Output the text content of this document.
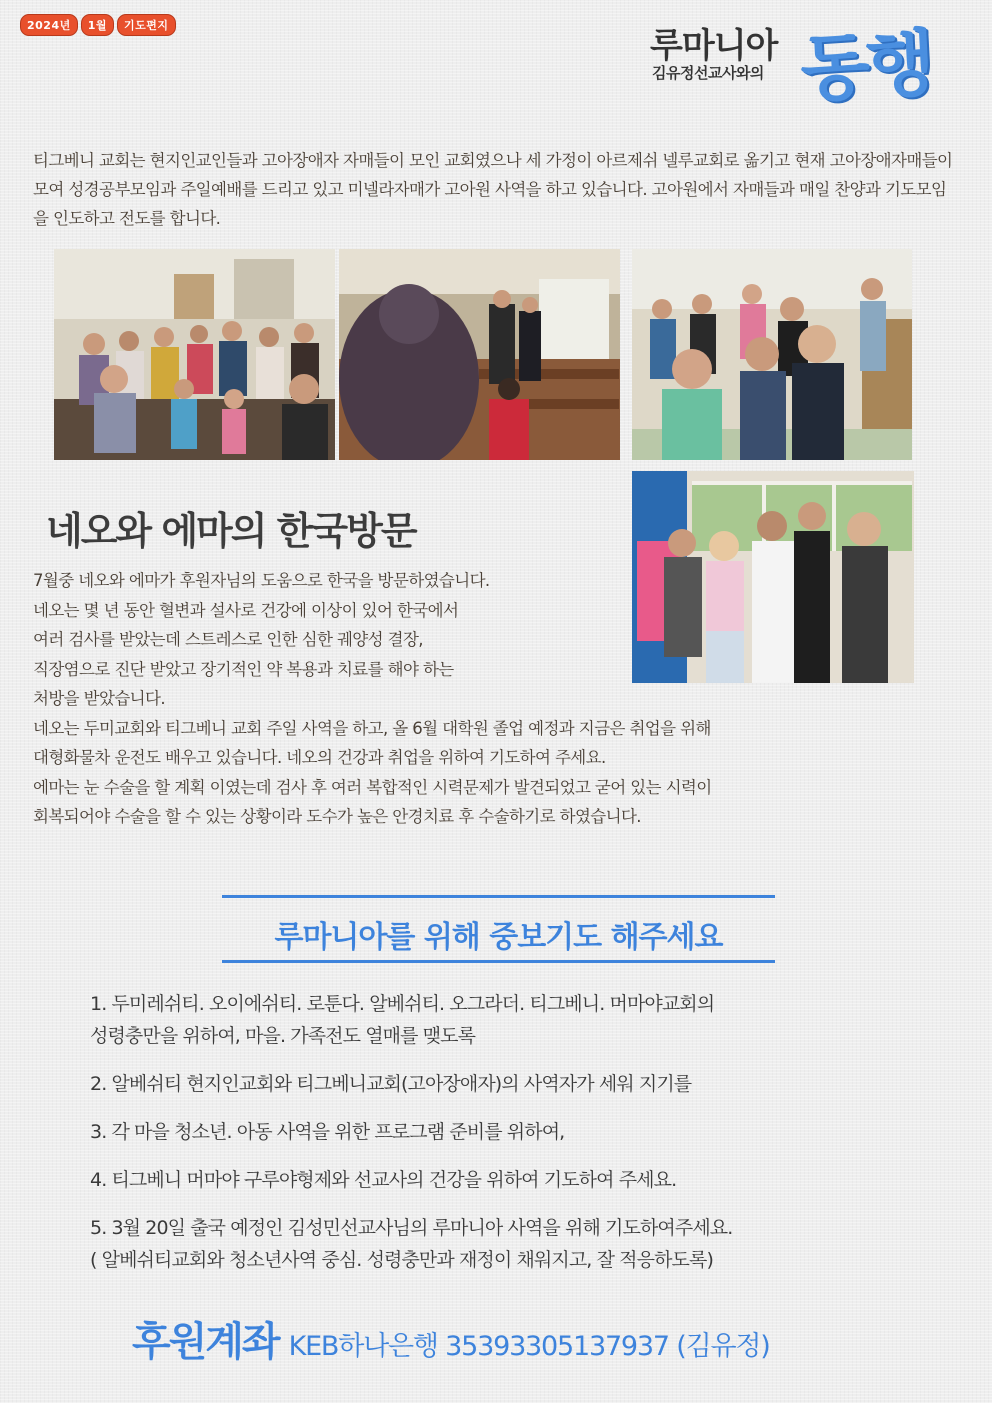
2024년	1월	기도편지
루마니아
김유정선교사와의 동행

티그베니 교회는 현지인교인들과 고아장애자 자매들이 모인 교회였으나 세 가정이 아르제쉬 넬루교회로 옮기고 현재 고아장애자매들이 모여 성경공부모임과 주일예배를 드리고 있고 미넬라자매가 고아원 사역을 하고 있습니다. 고아원에서 자매들과 매일 찬양과 기도모임을 인도하고 전도를 합니다.

네오와 에마의 한국방문
7월중 네오와 에마가 후원자님의 도움으로 한국을 방문하였습니다.
네오는 몇 년 동안 혈변과 설사로 건강에 이상이 있어 한국에서
여러 검사를 받았는데 스트레스로 인한 심한 궤양성 결장,
직장염으로 진단 받았고 장기적인 약 복용과 치료를 해야 하는
처방을 받았습니다.
네오는 두미교회와 티그베니 교회 주일 사역을 하고, 올 6월 대학원 졸업 예정과 지금은 취업을 위해
대형화물차 운전도 배우고 있습니다. 네오의 건강과 취업을 위하여 기도하여 주세요.
에마는 눈 수술을 할 계획 이였는데 검사 후 여러 복합적인 시력문제가 발견되었고 굳어 있는 시력이
회복되어야 수술을 할 수 있는 상황이라 도수가 높은 안경치료 후 수술하기로 하였습니다.
루마니아를 위해 중보기도 해주세요
1. 두미레쉬티. 오이에쉬티. 로툰다. 알베쉬티. 오그라더. 티그베니. 머마야교회의
성령충만을 위하여, 마을. 가족전도 열매를 맺도록
2. 알베쉬티 현지인교회와 티그베니교회(고아장애자)의 사역자가 세워 지기를
3. 각 마을 청소년. 아동 사역을 위한 프로그램 준비를 위하여,
4. 티그베니 머마야 구루야형제와 선교사의 건강을 위하여 기도하여 주세요.
5. 3월 20일 출국 예정인 김성민선교사님의 루마니아 사역을 위해 기도하여주세요.
( 알베쉬티교회와 청소년사역 중심. 성령충만과 재정이 채워지고, 잘 적응하도록)
후원계좌 KEB하나은행 35393305137937 (김유정)
